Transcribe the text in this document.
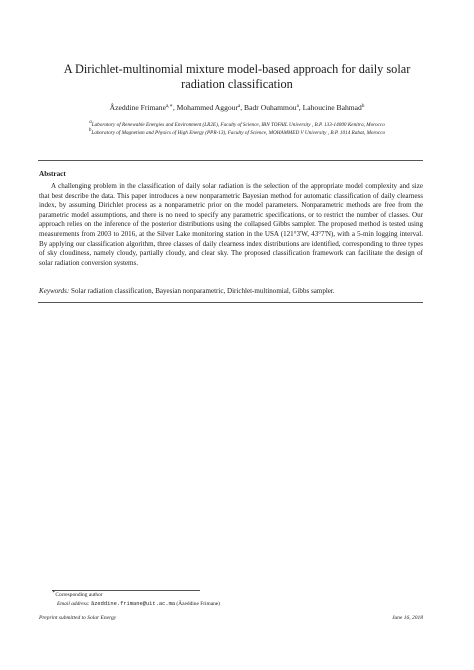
A Dirichlet-multinomial mixture model-based approach for daily solar radiation classification
Âzeddine Frimane$^{a,∗}$, Mohammed Aggour$^a$, Badr Ouhammou$^a$, Lahoucine Bahmad$^b$
$^a$Laboratory of Renewable Energies and Environment (LR2E), Faculty of Science, IBN TOFAIL University , B.P. 133-14000 Kenitra, Morocco
$^b$Laboratory of Magnetism and Physics of High Energy (PPR-13), Faculty of Science, MOHAMMED V University , B.P. 1014 Rabat, Morocco
Abstract

A challenging problem in the classification of daily solar radiation is the selection of the appropriate model complexity and size that best describe the data. This paper introduces a new nonparametric Bayesian method for automatic classification of daily clearness index, by assuming Dirichlet process as a nonparametric prior on the model parameters. Nonparametric methods are free from the parametric model assumptions, and there is no need to specify any parametric specifications, or to restrict the number of classes. Our approach relies on the inference of the posterior distributions using the collapsed Gibbs sampler. The proposed method is tested using measurements from 2003 to 2016, at the Silver Lake monitoring station in the USA (121°3'W, 43°7'N), with a 5-min logging interval. By applying our classification algorithm, three classes of daily clearness index distributions are identified, corresponding to three types of sky cloudiness, namely cloudy, partially cloudy, and clear sky. The proposed classification framework can facilitate the design of solar radiation conversion systems.

Keywords: Solar radiation classification, Bayesian nonparametric, Dirichlet-multinomial, Gibbs sampler.
∗Corresponding author
Email address: âzeddine.frimane@uit.ac.ma (Âzeddine Frimane)
Preprint submitted to Solar Energy	June 16, 2018
